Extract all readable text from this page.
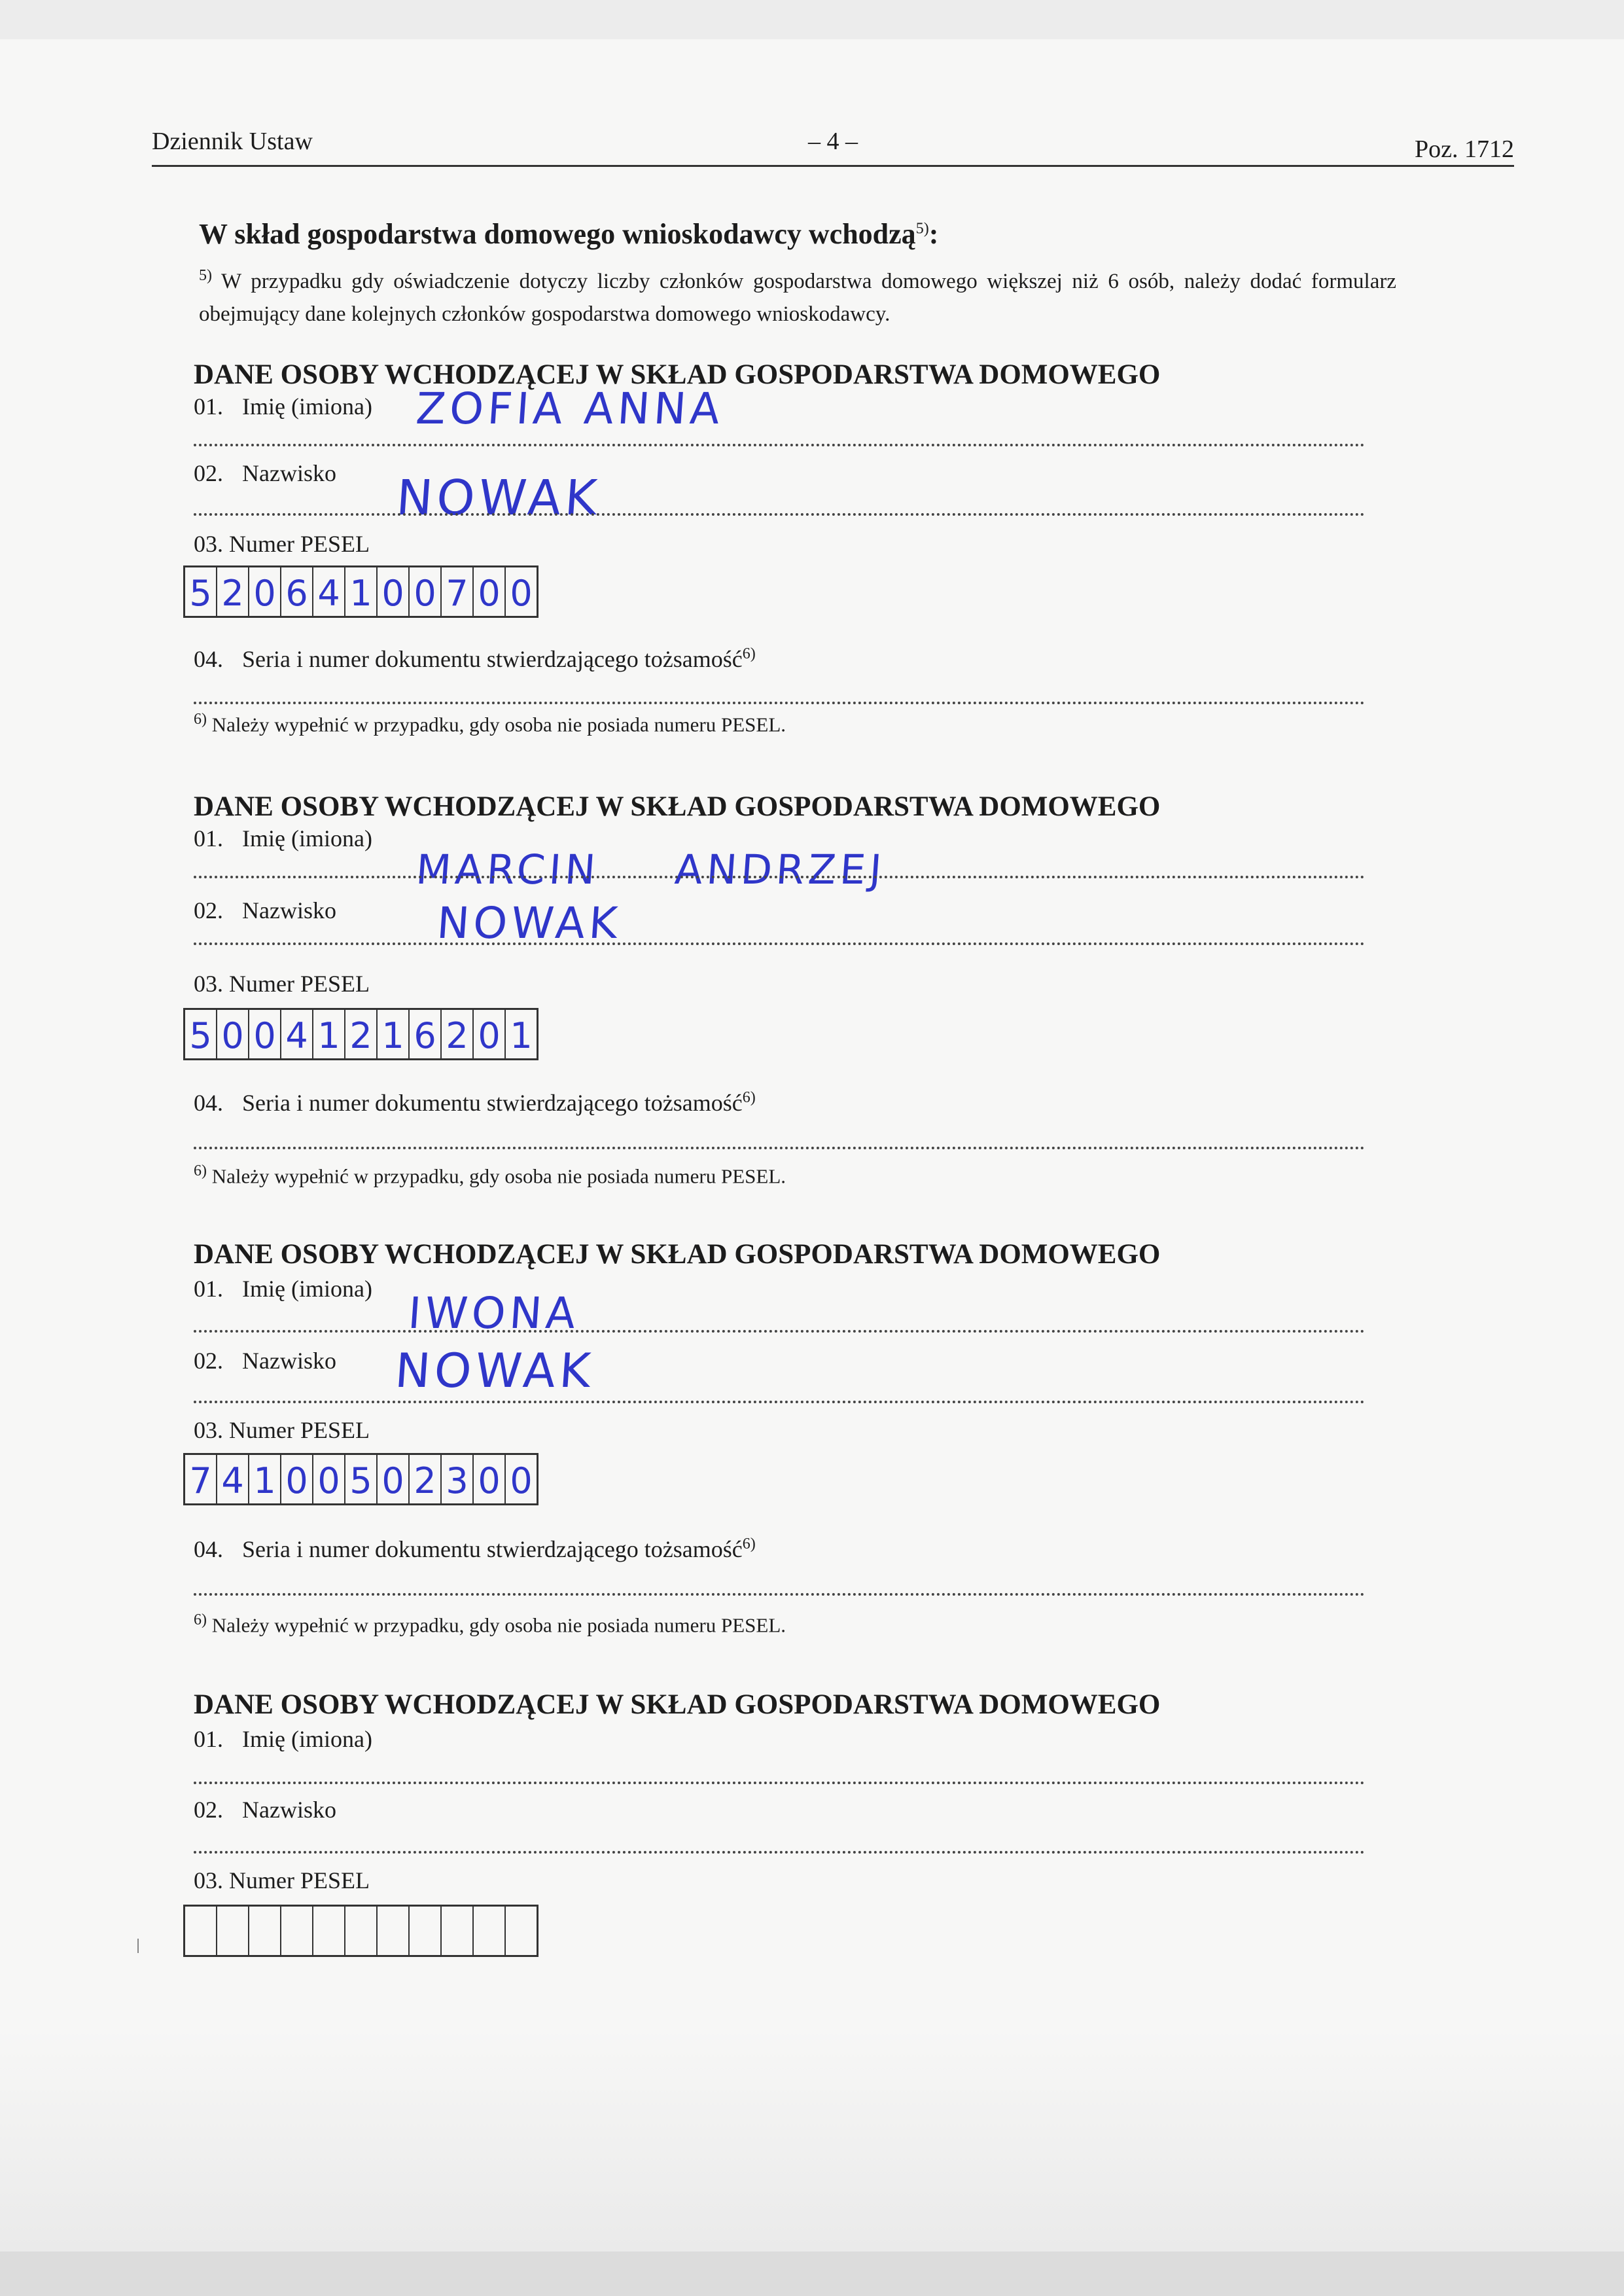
Dziennik Ustaw	– 4 –	Poz. 1712
W skład gospodarstwa domowego wnioskodawcy wchodzą$^{5)}$:
$^{5)}$ W przypadku gdy oświadczenie dotyczy liczby członków gospodarstwa domowego większej niż 6 osób, należy dodać formularz obejmujący dane kolejnych członków gospodarstwa domowego wnioskodawcy.
DANE OSOBY WCHODZĄCEJ W SKŁAD GOSPODARSTWA DOMOWEGO
01. Imię (imiona) ZOFIA ANNA
02. Nazwisko NOWAK
03. Numer PESEL
5 2 0 6 4 1 0 0 7 0 0
04. Seria i numer dokumentu stwierdzającego tożsamość$^{6)}$
$^{6)}$ Należy wypełnić w przypadku, gdy osoba nie posiada numeru PESEL.
DANE OSOBY WCHODZĄCEJ W SKŁAD GOSPODARSTWA DOMOWEGO
01. Imię (imiona)
MARCIN ANDRZEJ
02. Nazwisko NOWAK
03. Numer PESEL
5 0 0 4 1 2 1 6 2 0 1
04. Seria i numer dokumentu stwierdzającego tożsamość$^{6)}$
$^{6)}$ Należy wypełnić w przypadku, gdy osoba nie posiada numeru PESEL.
DANE OSOBY WCHODZĄCEJ W SKŁAD GOSPODARSTWA DOMOWEGO
01. Imię (imiona) IWONA
02. Nazwisko NOWAK
03. Numer PESEL
7 4 1 0 0 5 0 2 3 0 0
04. Seria i numer dokumentu stwierdzającego tożsamość$^{6)}$
$^{6)}$ Należy wypełnić w przypadku, gdy osoba nie posiada numeru PESEL.
DANE OSOBY WCHODZĄCEJ W SKŁAD GOSPODARSTWA DOMOWEGO
01. Imię (imiona)
02. Nazwisko
03. Numer PESEL
